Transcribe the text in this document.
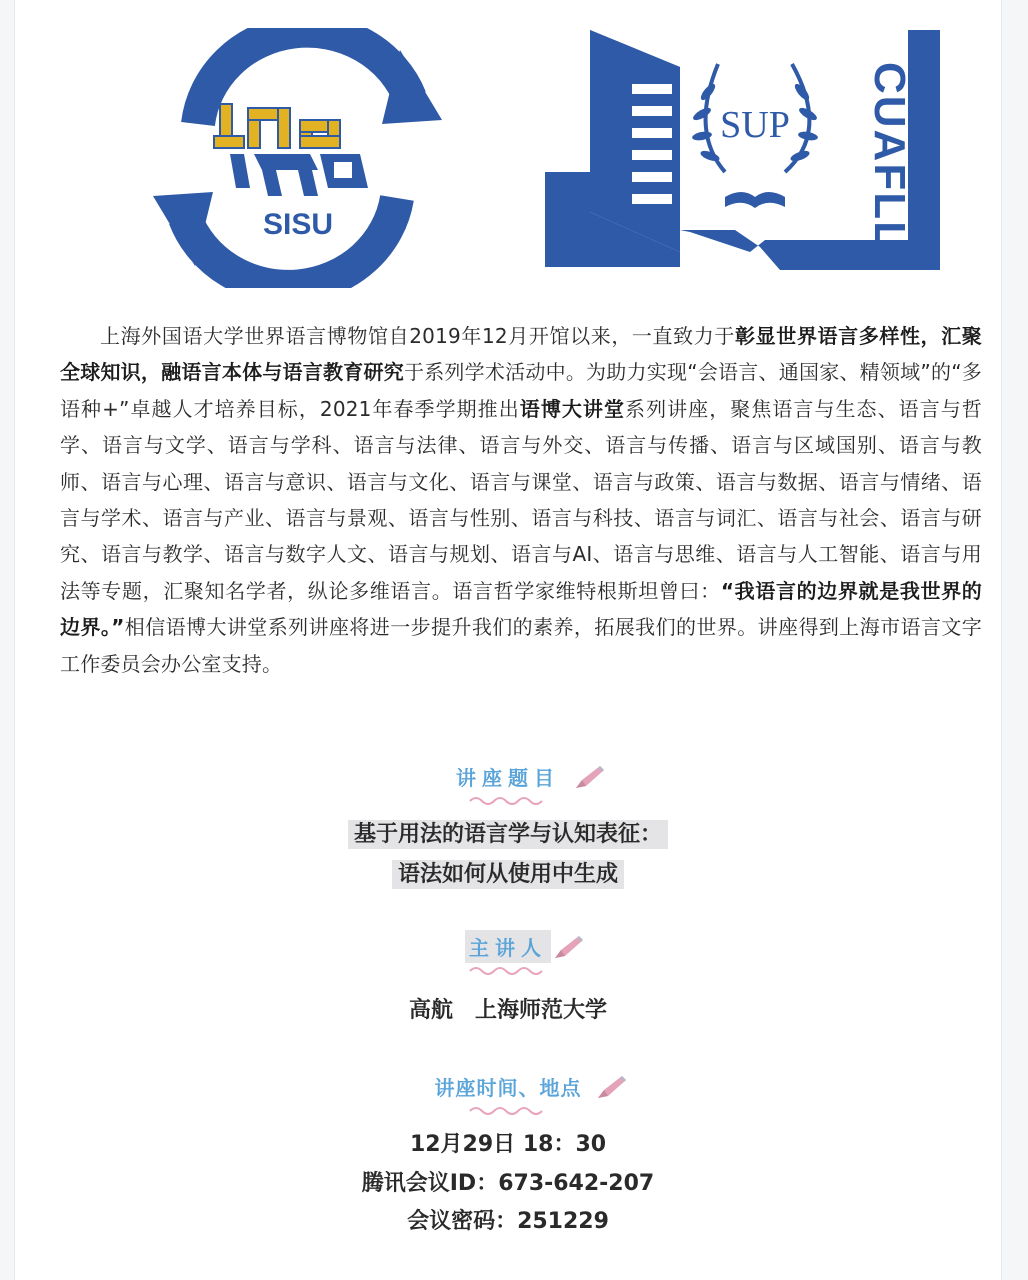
SISU
SUP CUAFLL

上海外国语大学世界语言博物馆自2019年12月开馆以来，一直致力于彰显世界语言多样性，汇聚全球知识，融语言本体与语言教育研究于系列学术活动中。为助力实现“会语言、通国家、精领域”的“多语种+”卓越人才培养目标，2021年春季学期推出语博大讲堂系列讲座，聚焦语言与生态、语言与哲学、语言与文学、语言与学科、语言与法律、语言与外交、语言与传播、语言与区域国别、语言与教师、语言与心理、语言与意识、语言与文化、语言与课堂、语言与政策、语言与数据、语言与情绪、语言与学术、语言与产业、语言与景观、语言与性别、语言与科技、语言与词汇、语言与社会、语言与研究、语言与教学、语言与数字人文、语言与规划、语言与AI、语言与思维、语言与人工智能、语言与用法等专题，汇聚知名学者，纵论多维语言。语言哲学家维特根斯坦曾曰：“我语言的边界就是我世界的边界。”相信语博大讲堂系列讲座将进一步提升我们的素养，拓展我们的世界。讲座得到上海市语言文字工作委员会办公室支持。

讲座题目
基于用法的语言学与认知表征：
语法如何从使用中生成
主讲人
高航　上海师范大学
讲座时间、地点
12月29日 18：30
腾讯会议ID：673-642-207
会议密码：251229
